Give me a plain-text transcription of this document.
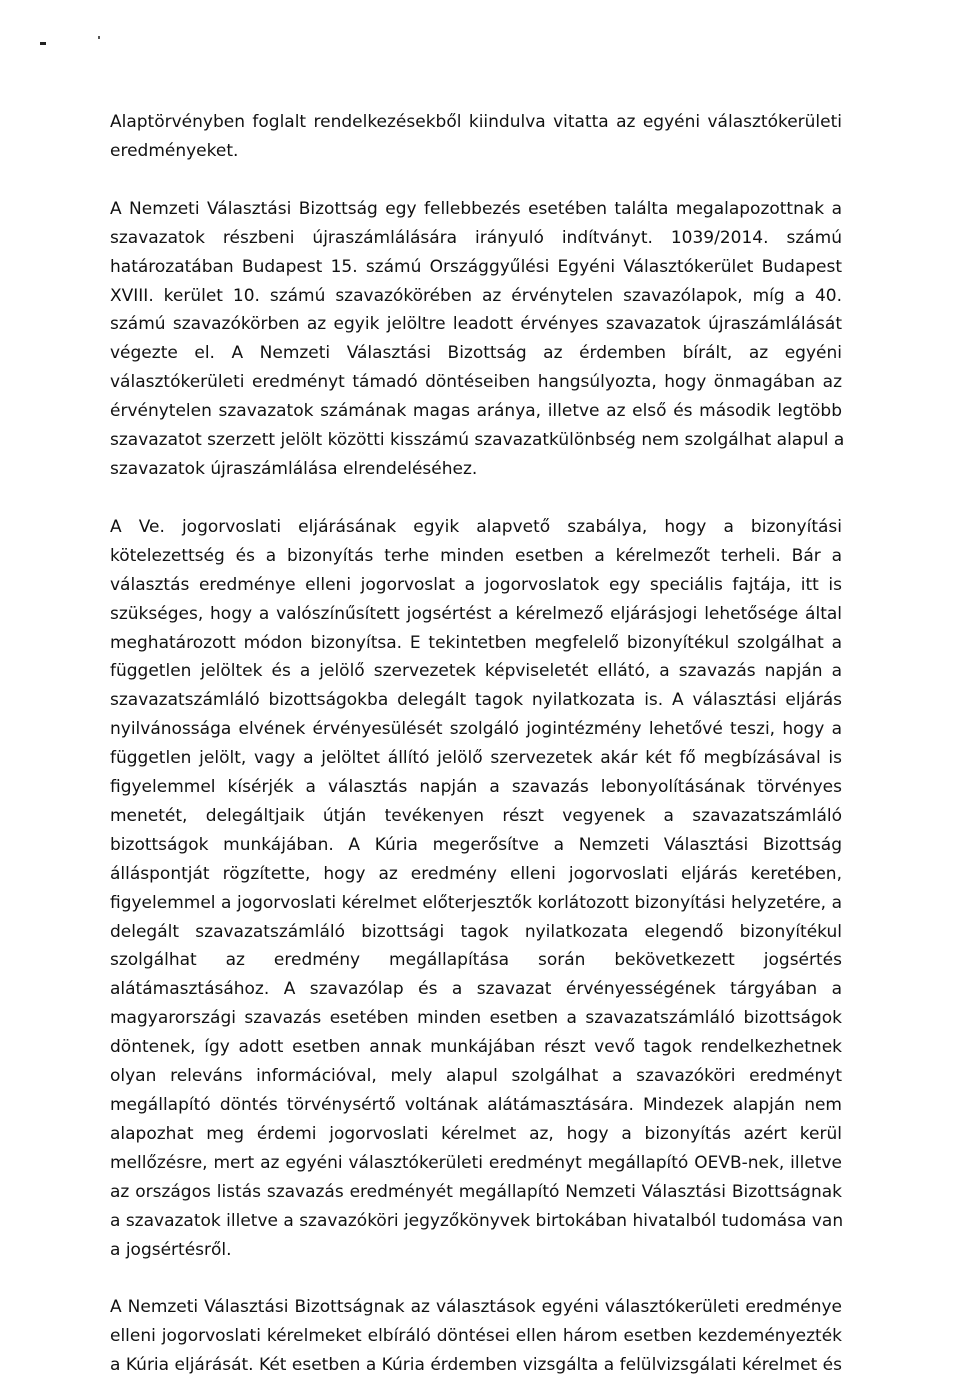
Alaptörvényben foglalt rendelkezésekből kiindulva vitatta az egyéni választókerületi
eredményeket.

A Nemzeti Választási Bizottság egy fellebbezés esetében találta megalapozottnak a
szavazatok részbeni újraszámlálására irányuló indítványt. 1039/2014. számú
határozatában Budapest 15. számú Országgyűlési Egyéni Választókerület Budapest
XVIII. kerület 10. számú szavazókörében az érvénytelen szavazólapok, míg a 40.
számú szavazókörben az egyik jelöltre leadott érvényes szavazatok újraszámlálását
végezte el. A Nemzeti Választási Bizottság az érdemben bírált, az egyéni
választókerületi eredményt támadó döntéseiben hangsúlyozta, hogy önmagában az
érvénytelen szavazatok számának magas aránya, illetve az első és második legtöbb
szavazatot szerzett jelölt közötti kisszámú szavazatkülönbség nem szolgálhat alapul a
szavazatok újraszámlálása elrendeléséhez.

A Ve. jogorvoslati eljárásának egyik alapvető szabálya, hogy a bizonyítási
kötelezettség és a bizonyítás terhe minden esetben a kérelmezőt terheli. Bár a
választás eredménye elleni jogorvoslat a jogorvoslatok egy speciális fajtája, itt is
szükséges, hogy a valószínűsített jogsértést a kérelmező eljárásjogi lehetősége által
meghatározott módon bizonyítsa. E tekintetben megfelelő bizonyítékul szolgálhat a
független jelöltek és a jelölő szervezetek képviseletét ellátó, a szavazás napján a
szavazatszámláló bizottságokba delegált tagok nyilatkozata is. A választási eljárás
nyilvánossága elvének érvényesülését szolgáló jogintézmény lehetővé teszi, hogy a
független jelölt, vagy a jelöltet állító jelölő szervezetek akár két fő megbízásával is
figyelemmel kísérjék a választás napján a szavazás lebonyolításának törvényes
menetét, delegáltjaik útján tevékenyen részt vegyenek a szavazatszámláló
bizottságok munkájában. A Kúria megerősítve a Nemzeti Választási Bizottság
álláspontját rögzítette, hogy az eredmény elleni jogorvoslati eljárás keretében,
figyelemmel a jogorvoslati kérelmet előterjesztők korlátozott bizonyítási helyzetére, a
delegált szavazatszámláló bizottsági tagok nyilatkozata elegendő bizonyítékul
szolgálhat az eredmény megállapítása során bekövetkezett jogsértés
alátámasztásához. A szavazólap és a szavazat érvényességének tárgyában a
magyarországi szavazás esetében minden esetben a szavazatszámláló bizottságok
döntenek, így adott esetben annak munkájában részt vevő tagok rendelkezhetnek
olyan releváns információval, mely alapul szolgálhat a szavazóköri eredményt
megállapító döntés törvénysértő voltának alátámasztására. Mindezek alapján nem
alapozhat meg érdemi jogorvoslati kérelmet az, hogy a bizonyítás azért kerül
mellőzésre, mert az egyéni választókerületi eredményt megállapító OEVB-nek, illetve
az országos listás szavazás eredményét megállapító Nemzeti Választási Bizottságnak
a szavazatok illetve a szavazóköri jegyzőkönyvek birtokában hivatalból tudomása van
a jogsértésről.

A Nemzeti Választási Bizottságnak az választások egyéni választókerületi eredménye
elleni jogorvoslati kérelmeket elbíráló döntései ellen három esetben kezdeményezték
a Kúria eljárását. Két esetben a Kúria érdemben vizsgálta a felülvizsgálati kérelmet és
